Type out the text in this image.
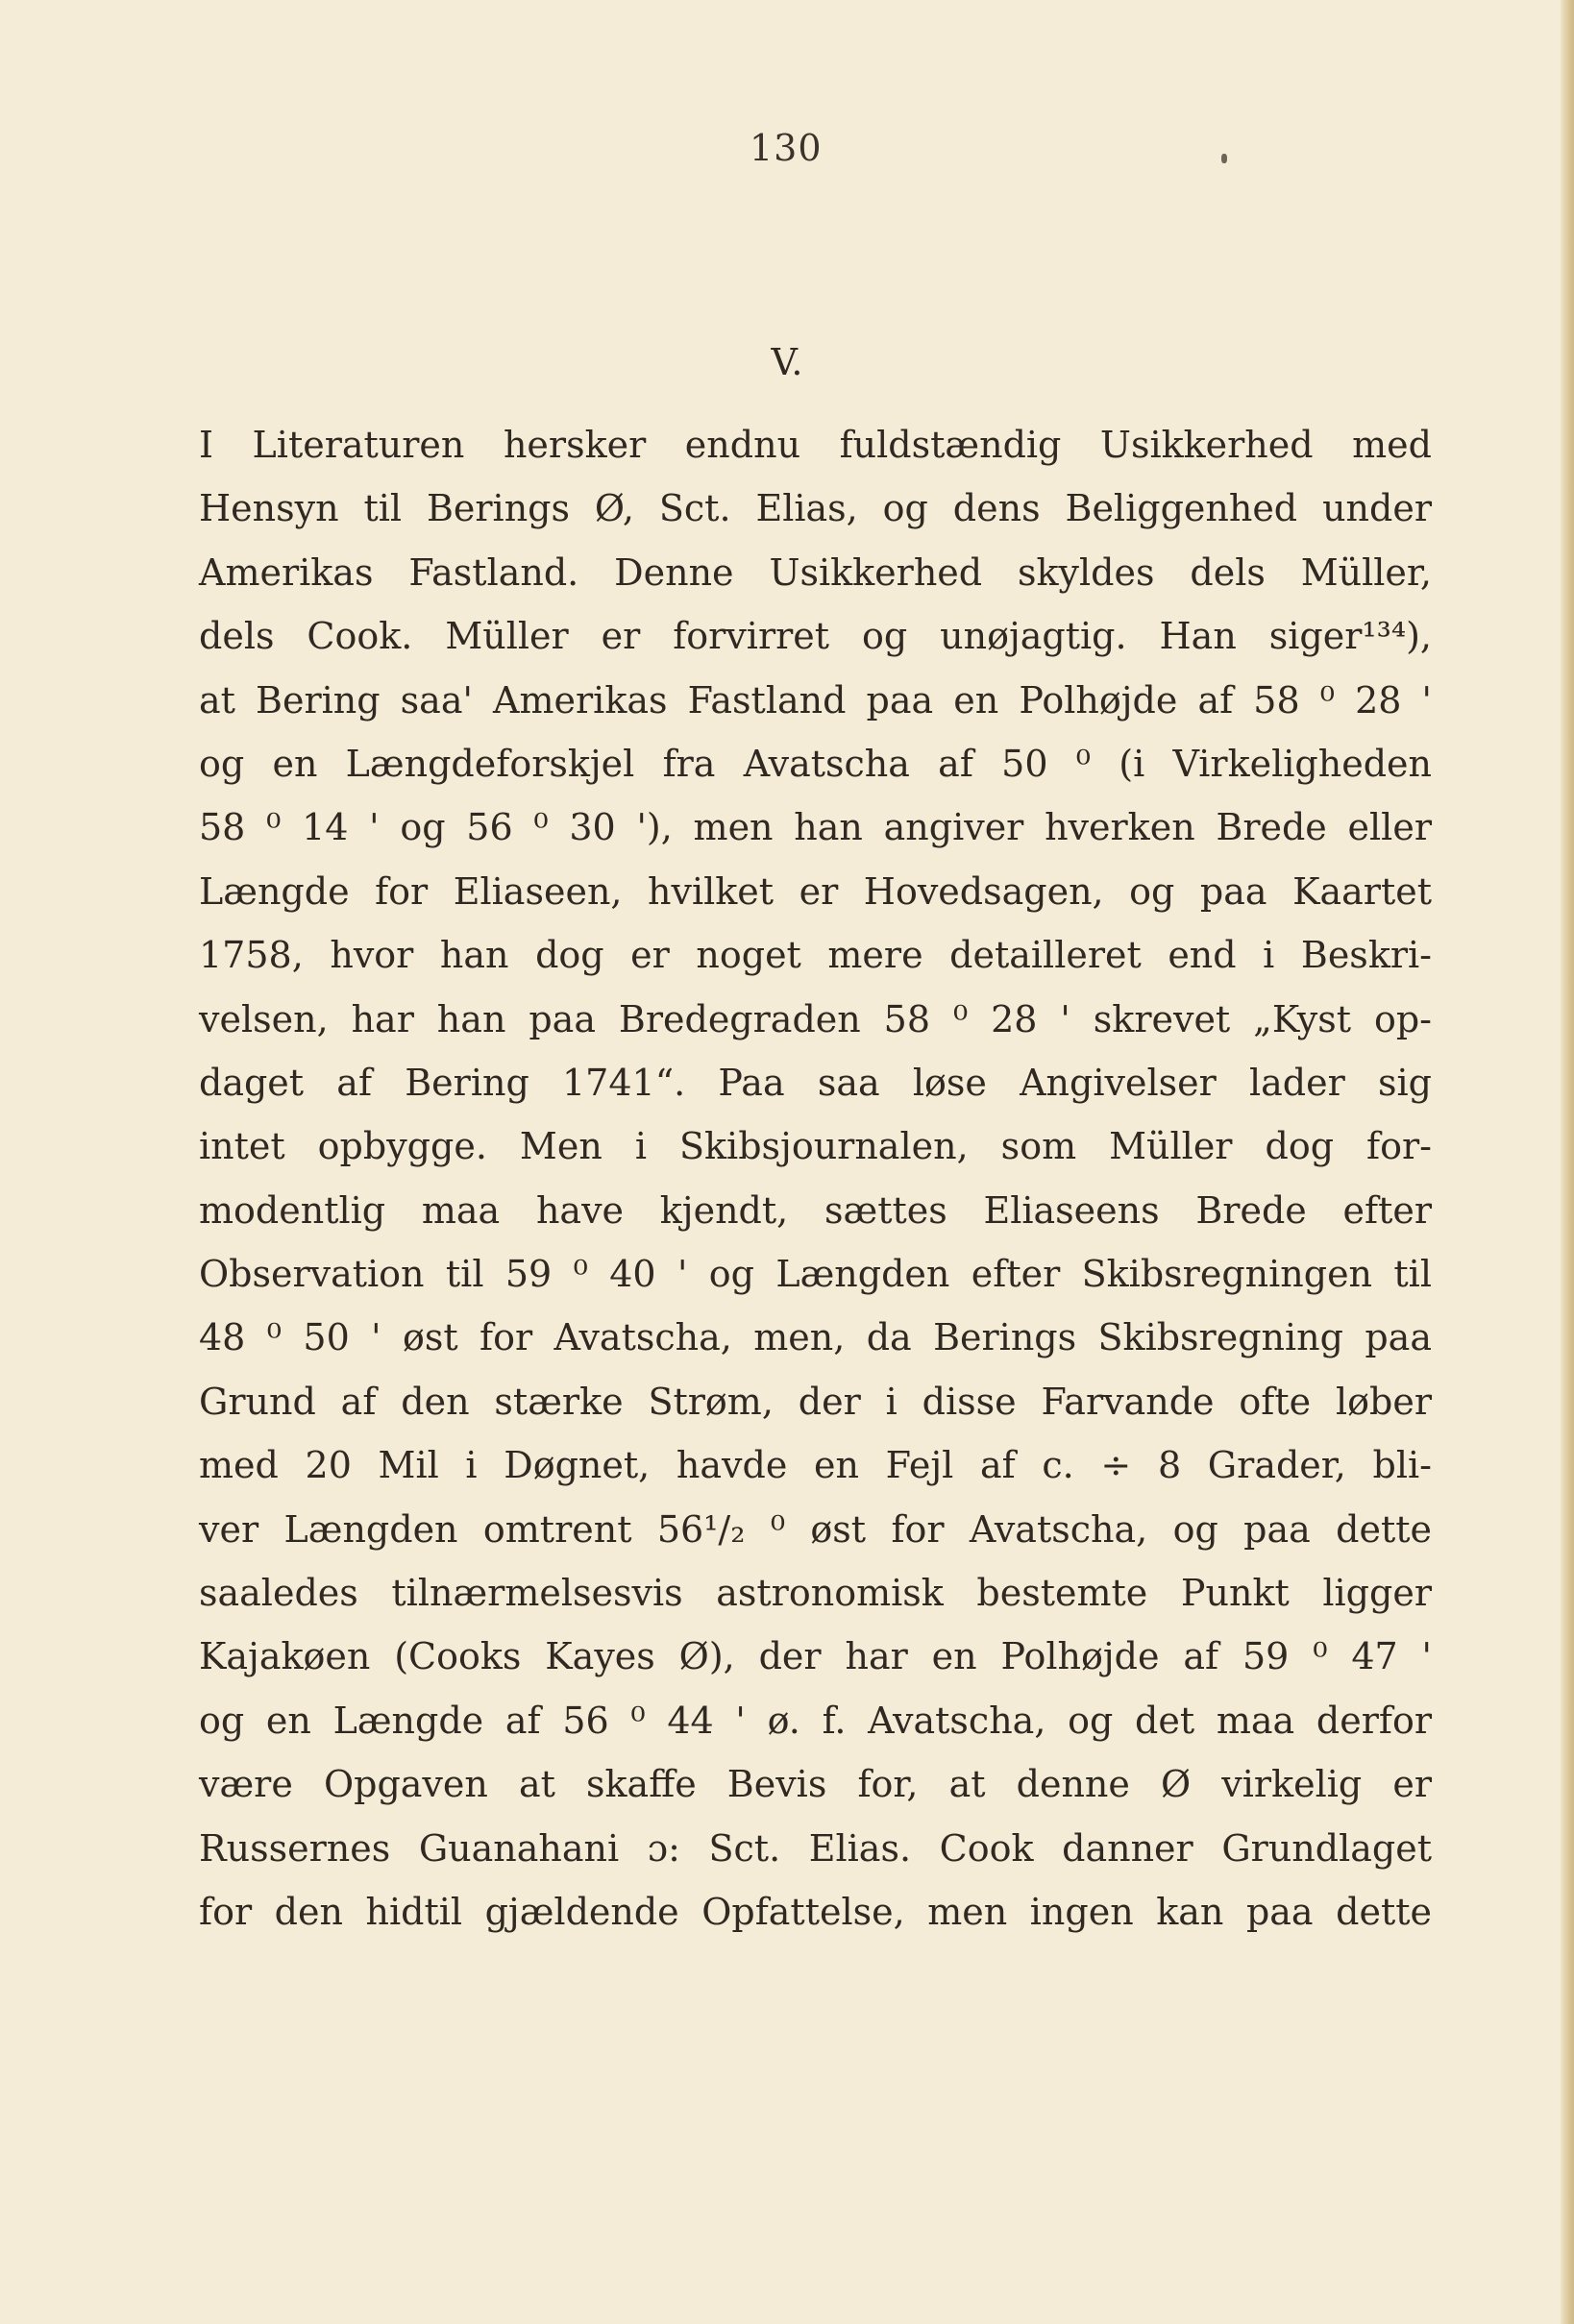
130
V.
I Literaturen hersker endnu fuldstændig Usikkerhed med
Hensyn til Berings Ø, Sct. Elias, og dens Beliggenhed under
Amerikas Fastland. Denne Usikkerhed skyldes dels Müller,
dels Cook. Müller er forvirret og unøjagtig. Han siger¹³⁴),
at Bering saa' Amerikas Fastland paa en Polhøjde af 58 ⁰ 28 '
og en Længdeforskjel fra Avatscha af 50 ⁰ (i Virkeligheden
58 ⁰ 14 ' og 56 ⁰ 30 '), men han angiver hverken Brede eller
Længde for Eliaseen, hvilket er Hovedsagen, og paa Kaartet
1758, hvor han dog er noget mere detailleret end i Beskri-
velsen, har han paa Bredegraden 58 ⁰ 28 ' skrevet „Kyst op-
daget af Bering 1741“. Paa saa løse Angivelser lader sig
intet opbygge. Men i Skibsjournalen, som Müller dog for-
modentlig maa have kjendt, sættes Eliaseens Brede efter
Observation til 59 ⁰ 40 ' og Længden efter Skibsregningen til
48 ⁰ 50 ' øst for Avatscha, men, da Berings Skibsregning paa
Grund af den stærke Strøm, der i disse Farvande ofte løber
med 20 Mil i Døgnet, havde en Fejl af c. ÷ 8 Grader, bli-
ver Længden omtrent 56¹/₂ ⁰ øst for Avatscha, og paa dette
saaledes tilnærmelsesvis astronomisk bestemte Punkt ligger
Kajakøen (Cooks Kayes Ø), der har en Polhøjde af 59 ⁰ 47 '
og en Længde af 56 ⁰ 44 ' ø. f. Avatscha, og det maa derfor
være Opgaven at skaffe Bevis for, at denne Ø virkelig er
Russernes Guanahani ɔ: Sct. Elias. Cook danner Grundlaget
for den hidtil gjældende Opfattelse, men ingen kan paa dette
